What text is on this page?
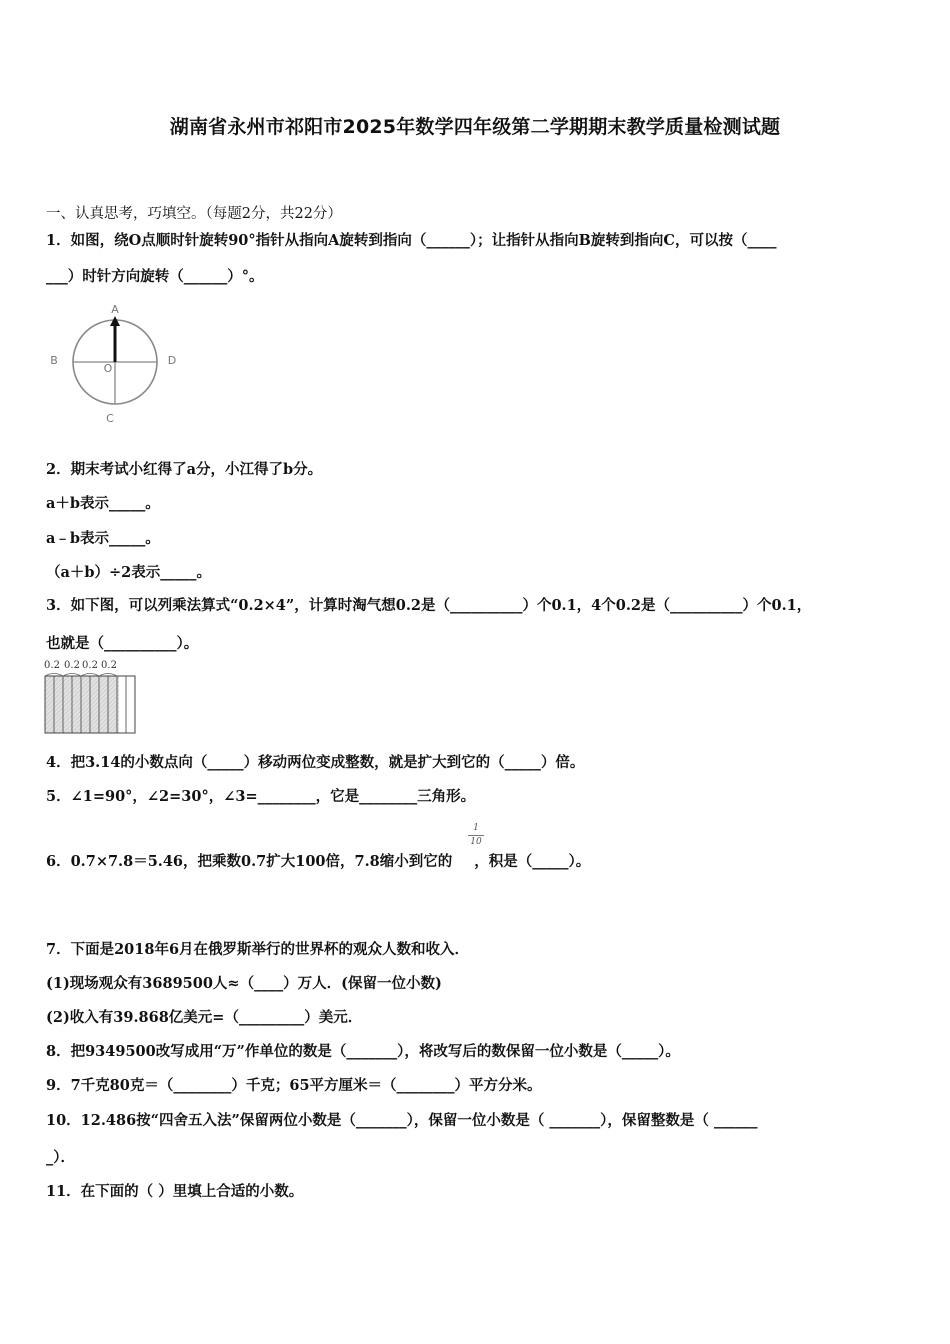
湖南省永州市祁阳市2025年数学四年级第二学期期末教学质量检测试题
一、认真思考，巧填空。（每题2分，共22分）
1．如图，绕O点顺时针旋转90°指针从指向A旋转到指向（______）；让指针从指向B旋转到指向C，可以按（____
___）时针方向旋转（______）°。
A
B
C
D
O
2．期末考试小红得了a分，小江得了b分。
a＋b表示_____。
a﹣b表示_____。
（a＋b）÷2表示_____。
3．如下图，可以列乘法算式“0.2×4”，计算时淘气想0.2是（__________）个0.1，4个0.2是（__________）个0.1，
也就是（__________）。
0.2 0.2 0.2 0.2
4．把3.14的小数点向（_____）移动两位变成整数，就是扩大到它的（_____）倍。
5．∠1=90°，∠2=30°，∠3=________，它是________三角形。
6．0.7×7.8＝5.46，把乘数0.7扩大100倍，7.8缩小到它的 ，积是（_____）。
1
10
7．下面是2018年6月在俄罗斯举行的世界杯的观众人数和收入．
(1)现场观众有3689500人≈（____）万人．(保留一位小数)
(2)收入有39.868亿美元=（_________）美元．
8．把9349500改写成用“万”作单位的数是（_______），将改写后的数保留一位小数是（_____）。
9．7千克80克＝（________）千克；65平方厘米＝（________）平方分米。
10．12.486按“四舍五入法”保留两位小数是（_______），保留一位小数是（ _______），保留整数是（ ______
_）．
11．在下面的（ ）里填上合适的小数。
